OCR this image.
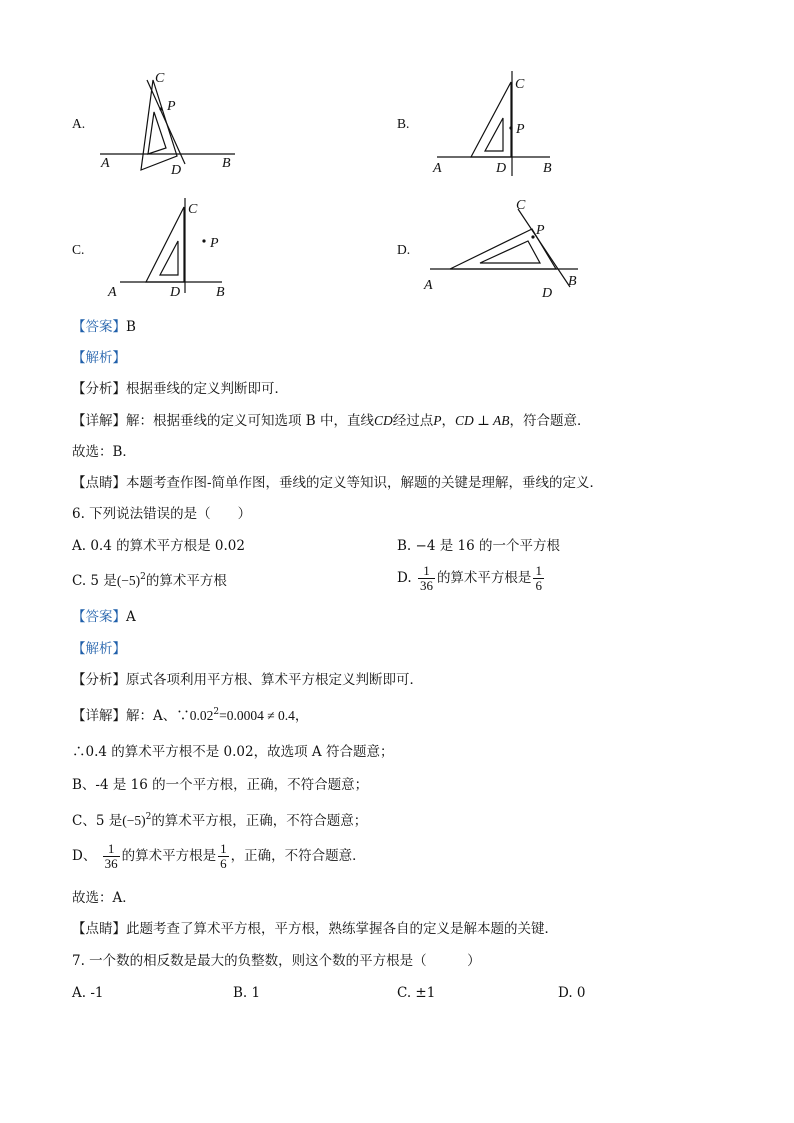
A.
C
P
A	D	B
B.
C
P
A	D	B
C.
C
P
A	D	B
D.
C
P
A
D
B
【答案】B
【解析】
【分析】根据垂线的定义判断即可．
【详解】解：根据垂线的定义可知选项 B 中，直线CD经过点P，CD ⊥ AB，符合题意．
故选：B．
【点睛】本题考查作图-简单作图，垂线的定义等知识，解题的关键是理解，垂线的定义．
6. 下列说法错误的是（　　）
A. 0.4 的算术平方根是 0.02	B. −4 是 16 的一个平方根
C. 5 是$(-5)^2$的算术平方根	D. $\frac{1}{36}$ 的算术平方根是 $\frac{1}{6}$
【答案】A
【解析】
【分析】原式各项利用平方根、算术平方根定义判断即可．
【详解】解：A、$\because 0.02^2=0.0004 \ne 0.4$，
∴0.4 的算术平方根不是 0.02，故选项 A 符合题意；
B、-4 是 16 的一个平方根，正确，不符合题意；
C、5 是$(-5)^2$的算术平方根，正确，不符合题意；
D、 $\frac{1}{36}$ 的算术平方根是 $\frac{1}{6}$ ，正确，不符合题意．
故选：A．
【点睛】此题考查了算术平方根，平方根，熟练掌握各自的定义是解本题的关键．
7. 一个数的相反数是最大的负整数，则这个数的平方根是（　　　）
A. -1	B. 1	C. ±1	D. 0
